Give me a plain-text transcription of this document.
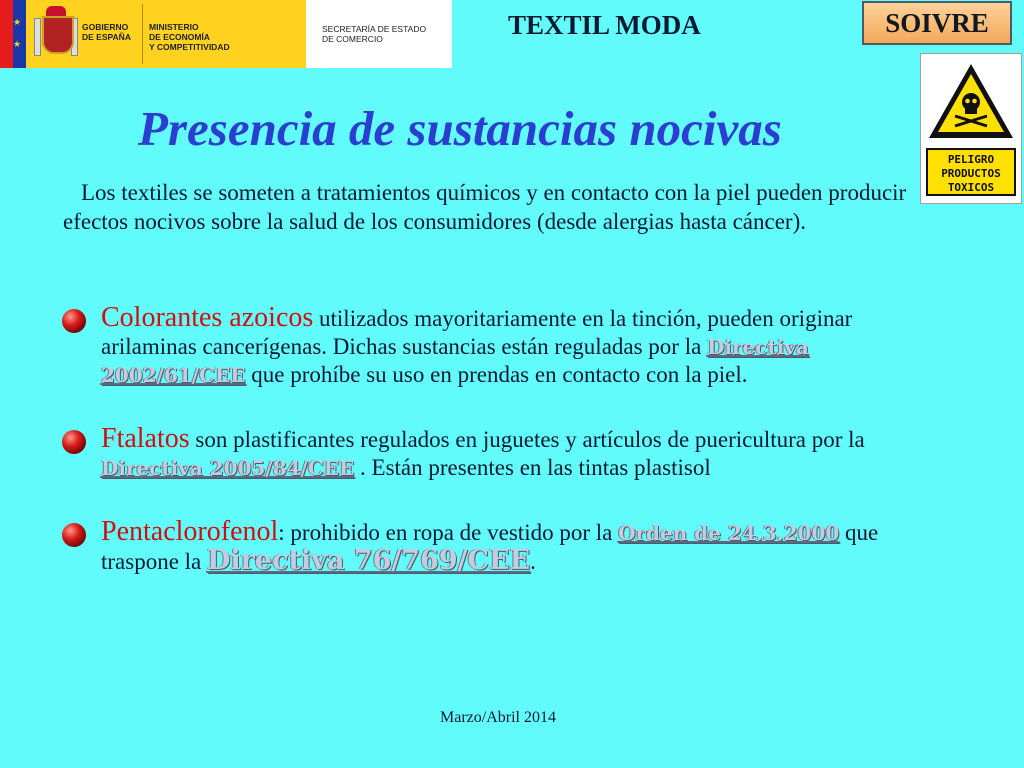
★
★
GOBIERNO
DE ESPAÑA
MINISTERIO
DE ECONOMÍA
Y COMPETITIVIDAD
SECRETARÍA DE ESTADO
DE COMERCIO	TEXTIL MODA	SOIVRE
PELIGRO
PRODUCTOS
TOXICOS
Presencia de sustancias nocivas

Los textiles se someten a tratamientos químicos y en contacto con la piel pueden producir efectos nocivos sobre la salud de los consumidores (desde alergias hasta cáncer).

Colorantes azoicos utilizados mayoritariamente en la tinción, pueden originar arilaminas cancerígenas. Dichas sustancias están reguladas por la Directiva 2002/61/CEE que prohíbe su uso en prendas en contacto con la piel.
Ftalatos son plastificantes regulados en juguetes y artículos de puericultura por la Directiva 2005/84/CEE . Están presentes en las tintas plastisol
Pentaclorofenol: prohibido en ropa de vestido por la Orden de 24.3.2000 que traspone la Directiva 76/769/CEE.
Marzo/Abril 2014
